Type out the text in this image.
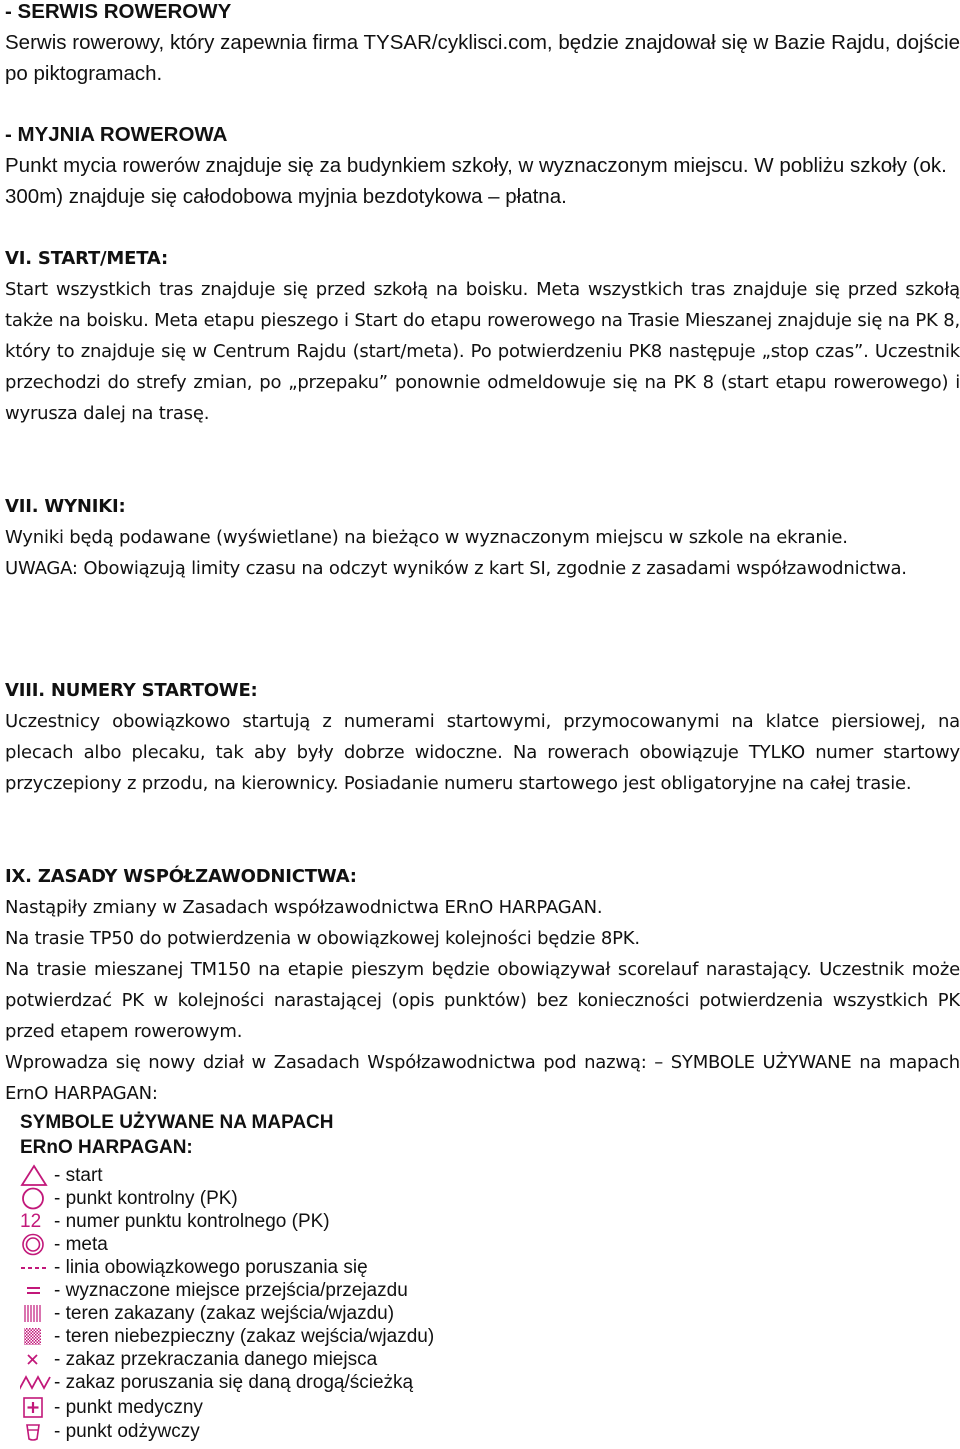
- SERWIS ROWEROWY

Serwis rowerowy, który zapewnia firma TYSAR/cyklisci.com, będzie znajdował się w Bazie Rajdu, dojście po piktogramach.

- MYJNIA ROWEROWA

Punkt mycia rowerów znajduje się za budynkiem szkoły, w wyznaczonym miejscu. W pobliżu szkoły (ok. 300m) znajduje się całodobowa myjnia bezdotykowa – płatna.

VI. START/META:

Start wszystkich tras znajduje się przed szkołą na boisku. Meta wszystkich tras znajduje się przed szkołą także na boisku. Meta etapu pieszego i Start do etapu rowerowego na Trasie Mieszanej znajduje się na PK 8, który to znajduje się w Centrum Rajdu (start/meta). Po potwierdzeniu PK8 następuje „stop czas”. Uczestnik przechodzi do strefy zmian, po „przepaku” ponownie odmeldowuje się na PK 8 (start etapu rowerowego) i wyrusza dalej na trasę.

VII. WYNIKI:

Wyniki będą podawane (wyświetlane) na bieżąco w wyznaczonym miejscu w szkole na ekranie.

UWAGA: Obowiązują limity czasu na odczyt wyników z kart SI, zgodnie z zasadami współzawodnictwa.

VIII. NUMERY STARTOWE:

Uczestnicy obowiązkowo startują z numerami startowymi, przymocowanymi na klatce piersiowej, na plecach albo plecaku, tak aby były dobrze widoczne. Na rowerach obowiązuje TYLKO numer startowy przyczepiony z przodu, na kierownicy. Posiadanie numeru startowego jest obligatoryjne na całej trasie.

IX. ZASADY WSPÓŁZAWODNICTWA:

Nastąpiły zmiany w Zasadach współzawodnictwa ERnO HARPAGAN.

Na trasie TP50 do potwierdzenia w obowiązkowej kolejności będzie 8PK.

Na trasie mieszanej TM150 na etapie pieszym będzie obowiązywał scorelauf narastający. Uczestnik może potwierdzać PK w kolejności narastającej (opis punktów) bez konieczności potwierdzenia wszystkich PK przed etapem rowerowym.

Wprowadza się nowy dział w Zasadach Współzawodnictwa pod nazwą: – SYMBOLE UŻYWANE na mapach ErnO HARPAGAN:

SYMBOLE UŻYWANE NA MAPACH

ERnO HARPAGAN:

- start
- punkt kontrolny (PK)
12 - numer punktu kontrolnego (PK)
- meta
- linia obowiązkowego poruszania się
- wyznaczone miejsce przejścia/przejazdu
- teren zakazany (zakaz wejścia/wjazdu)
- teren niebezpieczny (zakaz wejścia/wjazdu)
- zakaz przekraczania danego miejsca
- zakaz poruszania się daną drogą/ścieżką
- punkt medyczny
- punkt odżywczy
